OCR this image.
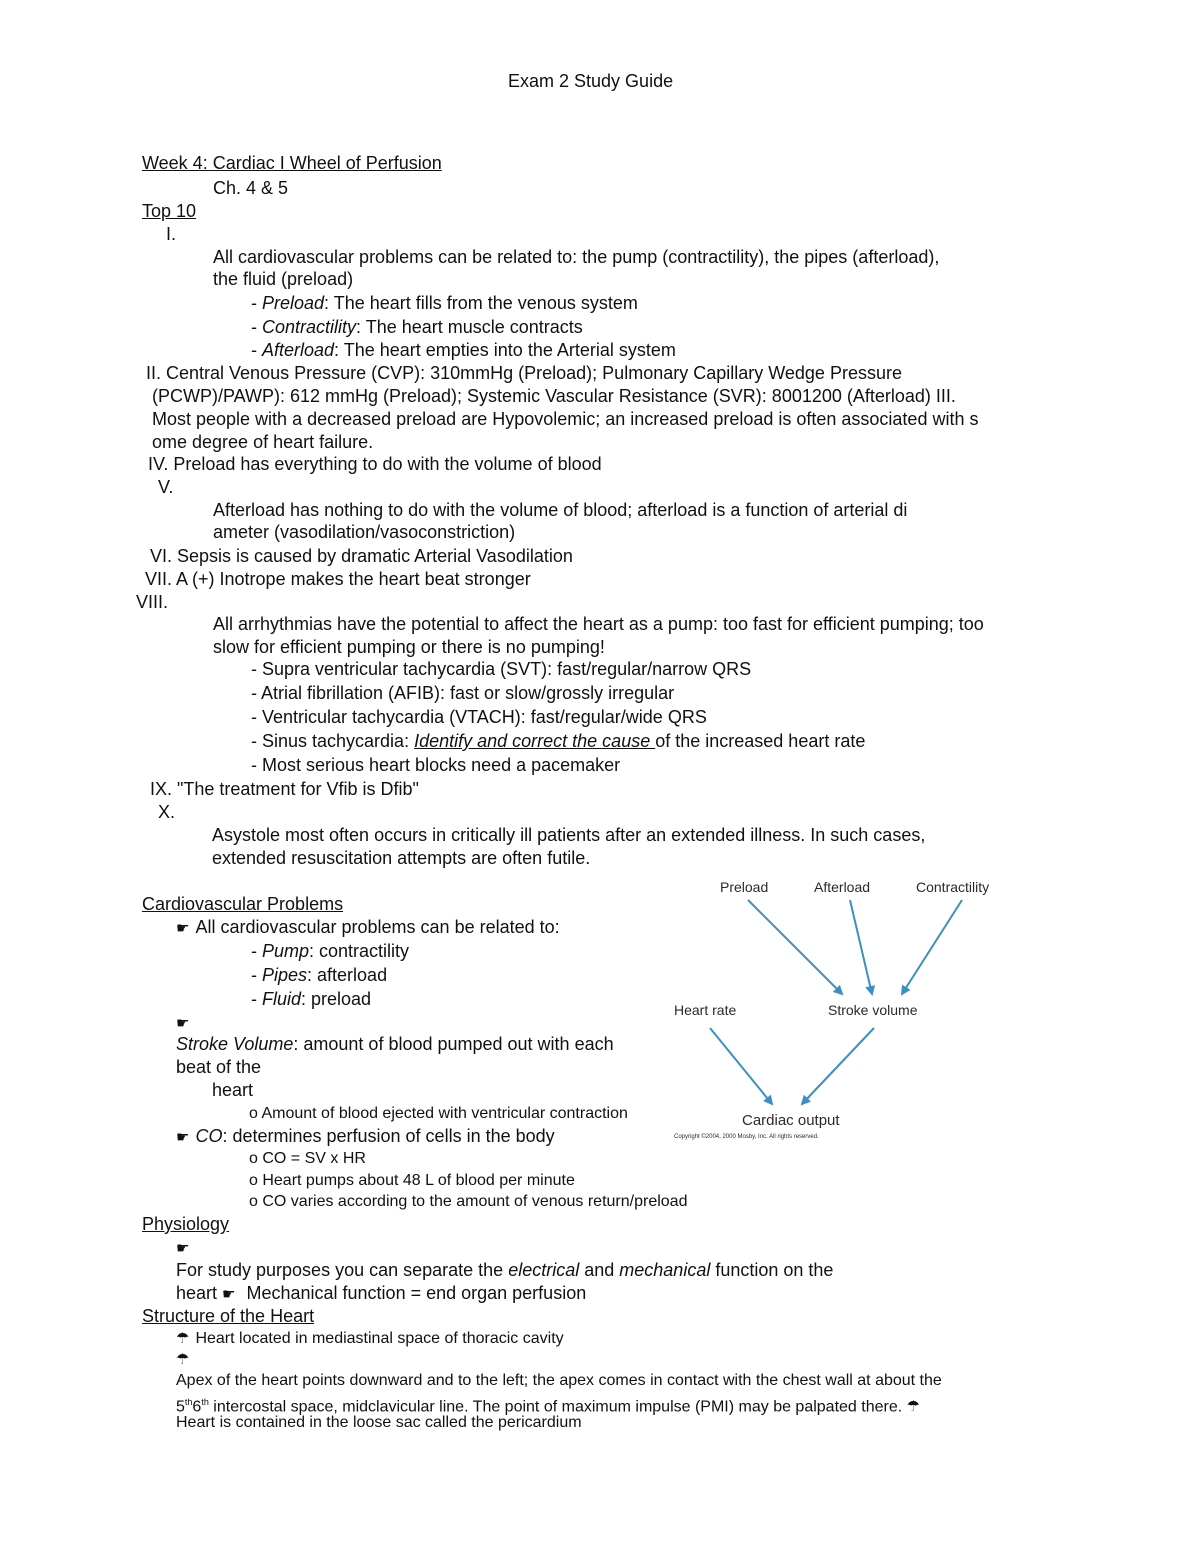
Exam 2 Study Guide
Week 4: Cardiac I Wheel of Perfusion
Ch. 4 & 5
Top 10
I.
All cardiovascular problems can be related to: the pump (contractility), the pipes (afterload),
the fluid (preload)
- Preload: The heart fills from the venous system
- Contractility: The heart muscle contracts
- Afterload: The heart empties into the Arterial system
II. Central Venous Pressure (CVP): 310mmHg (Preload); Pulmonary Capillary Wedge Pressure
(PCWP)/PAWP): 612 mmHg (Preload); Systemic Vascular Resistance (SVR): 8001200 (Afterload) III.
Most people with a decreased preload are Hypovolemic; an increased preload is often associated with s
ome degree of heart failure.
IV. Preload has everything to do with the volume of blood
V.
Afterload has nothing to do with the volume of blood; afterload is a function of arterial di
ameter (vasodilation/vasoconstriction)
VI. Sepsis is caused by dramatic Arterial Vasodilation
VII. A (+) Inotrope makes the heart beat stronger
VIII.
All arrhythmias have the potential to affect the heart as a pump: too fast for efficient pumping; too
slow for efficient pumping or there is no pumping!
- Supra ventricular tachycardia (SVT): fast/regular/narrow QRS
- Atrial fibrillation (AFIB): fast or slow/grossly irregular
- Ventricular tachycardia (VTACH): fast/regular/wide QRS
- Sinus tachycardia: Identify and correct the cause of the increased heart rate
- Most serious heart blocks need a pacemaker
IX. "The treatment for Vfib is Dfib"
X.
Asystole most often occurs in critically ill patients after an extended illness. In such cases,
extended resuscitation attempts are often futile.
Cardiovascular Problems
☛ All cardiovascular problems can be related to:
- Pump: contractility
- Pipes: afterload
- Fluid: preload
☛
Stroke Volume: amount of blood pumped out with each
beat of the
heart
o Amount of blood ejected with ventricular contraction
☛ CO: determines perfusion of cells in the body
o CO = SV x HR
o Heart pumps about 48 L of blood per minute
o CO varies according to the amount of venous return/preload
Preload	Afterload	Contractility
Heart rate	Stroke volume
Cardiac output
Copyright ©2004, 2000 Mosby, Inc. All rights reserved.
Physiology
☛
For study purposes you can separate the electrical and mechanical function on the
heart ☛ Mechanical function = end organ perfusion
Structure of the Heart
☂ Heart located in mediastinal space of thoracic cavity
☂
Apex of the heart points downward and to the left; the apex comes in contact with the chest wall at about the
5th6th intercostal space, midclavicular line. The point of maximum impulse (PMI) may be palpated there. ☂
Heart is contained in the loose sac called the pericardium
